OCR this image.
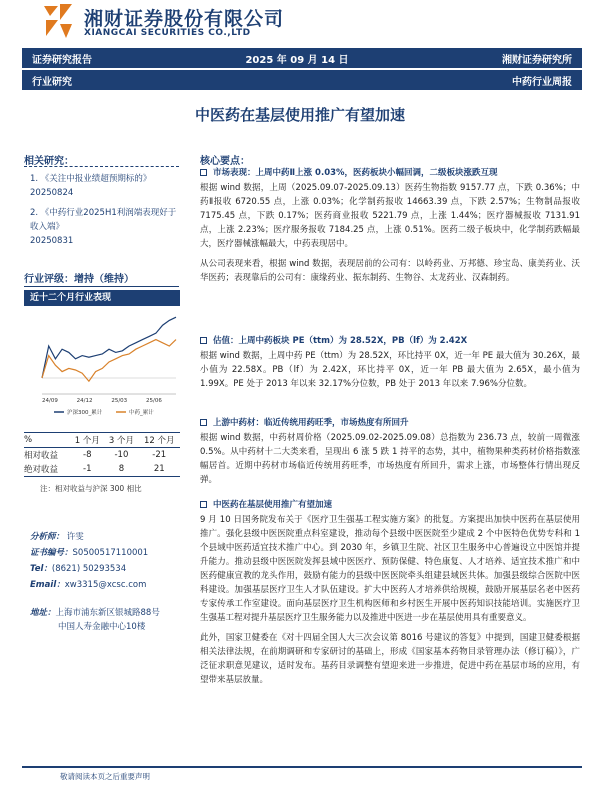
湘财证券股份有限公司
XIANGCAI SECURITIES CO.,LTD
证券研究报告	2025 年 09 月 14 日	湘财证券研究所
行业研究	中药行业周报
中医药在基层使用推广有望加速
相关研究：
1. 《关注中报业绩超预期标的》
20250824
2. 《中药行业2025H1利润端表现好于收入端》
20250831
行业评级：增持（维持）
近十二个月行业表现
24/09	24/12	25/03	25/06
沪深300_累计	中药_累计
%	1 个月	3 个月	12 个月
相对收益	-8	-10	-21
绝对收益	-1	8	21
注：相对收益与沪深 300 相比
分析师： 许雯
证书编号：S0500517110001
Tel：(8621) 50293534
Email：xw3315@xcsc.com
地址：上海市浦东新区银城路88号
中国人寿金融中心10楼
核心要点：
市场表现：上周中药Ⅱ上涨 0.03%，医药板块小幅回调，二级板块涨跌互现

根据 wind 数据，上周（2025.09.07-2025.09.13）医药生物指数 9157.77 点，下跌 0.36%；中药Ⅱ报收 6720.55 点，上涨 0.03%；化学制药报收 14663.39 点，下跌 2.57%；生物制品报收 7175.45 点，下跌 0.17%；医药商业报收 5221.79 点，上涨 1.44%；医疗器械报收 7131.91 点，上涨 2.23%；医疗服务报收 7184.25 点，上涨 0.51%。医药二级子板块中，化学制药跌幅最大，医疗器械涨幅最大，中药表现居中。

从公司表现来看，根据 wind 数据，表现居前的公司有：以岭药业、万邦德、珍宝岛、康美药业、沃华医药；表现靠后的公司有：康缘药业、振东制药、生物谷、太龙药业、汉森制药。

估值：上周中药板块 PE（ttm）为 28.52X，PB（lf）为 2.42X

根据 wind 数据，上周中药 PE（ttm）为 28.52X，环比持平 0X，近一年 PE 最大值为 30.26X，最小值为 22.58X。PB（lf）为 2.42X，环比持平 0X，近一年 PB 最大值为 2.65X，最小值为 1.99X。PE 处于 2013 年以来 32.17%分位数，PB 处于 2013 年以来 7.96%分位数。

上游中药材：临近传统用药旺季，市场热度有所回升

根据 wind 数据，中药材周价格（2025.09.02-2025.09.08）总指数为 236.73 点，较前一周微涨 0.5%。从中药材十二大类来看，呈现出 6 涨 5 跌 1 持平的态势，其中，植物果种类药材价格指数涨幅居首。近期中药材市场临近传统用药旺季，市场热度有所回升，需求上涨，市场整体行情出现反弹。

中医药在基层使用推广有望加速

9 月 10 日国务院发布关于《医疗卫生强基工程实施方案》的批复。方案提出加快中医药在基层使用推广。强化县级中医医院重点科室建设，推动每个县级中医医院至少建成 2 个中医特色优势专科和 1 个县域中医药适宜技术推广中心。到 2030 年，乡镇卫生院、社区卫生服务中心普遍设立中医馆并提升能力。推动县级中医医院发挥县域中医医疗、预防保健、特色康复、人才培养、适宜技术推广和中医药健康宣教的龙头作用，鼓励有能力的县级中医医院牵头组建县域医共体。加强县级综合医院中医科建设。加强基层医疗卫生人才队伍建设。扩大中医药人才培养供给规模，鼓励开展基层名老中医药专家传承工作室建设。面向基层医疗卫生机构医师和乡村医生开展中医药知识技能培训。实施医疗卫生强基工程对提升基层医疗卫生服务能力以及推进中医进一步在基层使用具有重要意义。

此外，国家卫健委在《对十四届全国人大三次会议第 8016 号建议的答复》中提到，国建卫健委根据相关法律法规，在前期调研和专家研讨的基础上，形成《国家基本药物目录管理办法（修订稿）》，广泛征求职意见建议，适时发布。基药目录调整有望迎来进一步推进，促进中药在基层市场的应用，有望带来基层放量。

敬请阅读本页之后重要声明
